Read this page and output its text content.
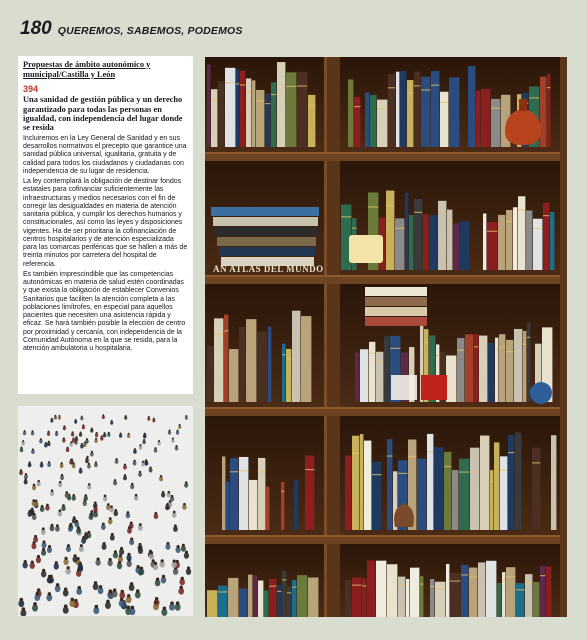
180 QUEREMOS, SABEMOS, PODEMOS
Propuestas de ámbito autonómico y municipal/Castilla y León
394
Una sanidad de gestión pública y un derecho garantizado para todas las personas en igualdad, con independencia del lugar donde se resida

Incluiremos en la Ley General de Sanidad y en sus desarrollos normativos el precepto que garantice una sanidad pública universal, igualitaria, gratuita y de calidad para todos los ciudadanos y ciudadanas con independencia de su lugar de residencia.

La ley contemplará la obligación de destinar fondos estatales para cofinanciar suficientemente las infraestructuras y medios necesarios con el fin de corregir las desigualdades en materia de atención sanitaria pública, y cumplir los derechos humanos y constitucionales, así como las leyes y disposiciones vigentes. Ha de ser prioritaria la cofinanciación de centros hospitalarios y de atención especializada para las comarcas periféricas que se hallen a más de treinta minutos por carretera del hospital de referencia.

Es también imprescindible que las competencias autonómicas en materia de salud estén coordinadas y que exista la obligación de establecer Convenios Sanitarios que faciliten la atención completa a las poblaciones limítrofes, en especial para aquellos pacientes que necesiten una asistencia rápida y eficaz. Se hará también posible la elección de centro por proximidad y cercanía, con independencia de la Comunidad Autónoma en la que se resida, para la atención ambulatoria u hospitalaria.

AN ATLAS DEL MUNDO
